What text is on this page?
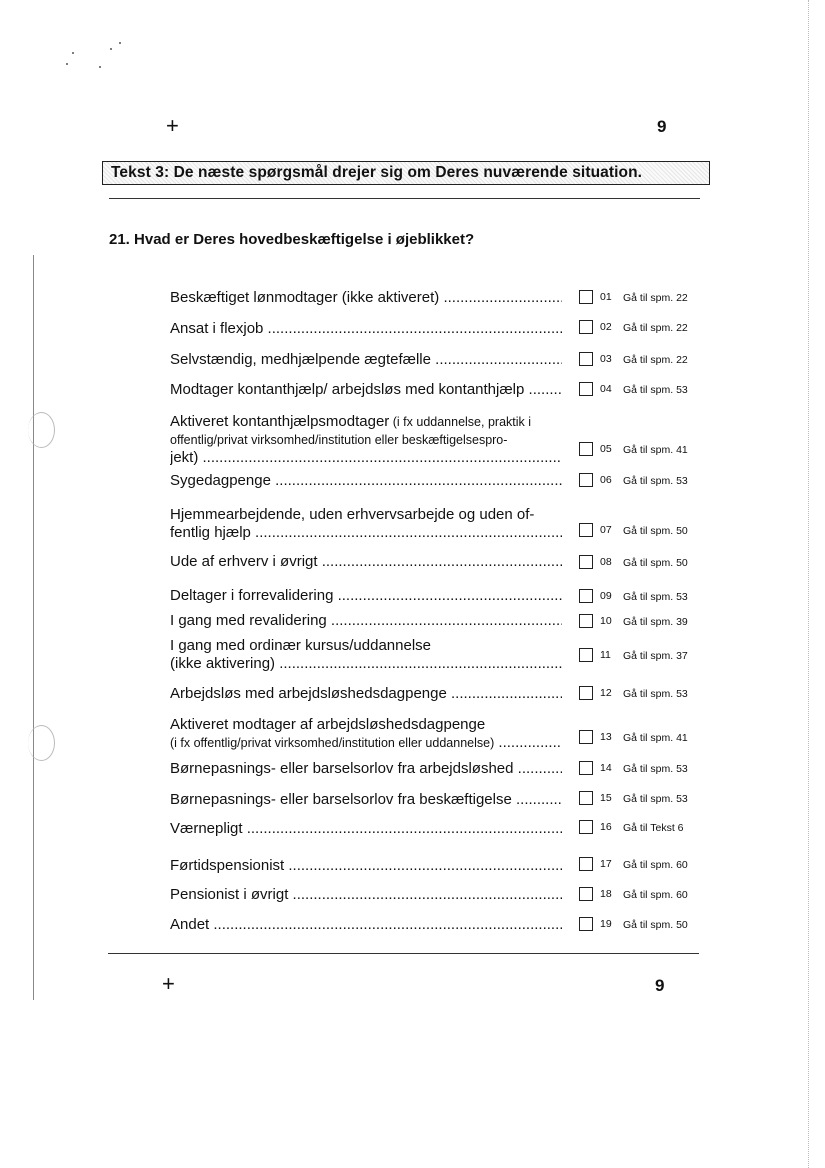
+	9
Tekst 3: De næste spørgsmål drejer sig om Deres nuværende situation.
21. Hvad er Deres hovedbeskæftigelse i øjeblikket?
Beskæftiget lønmodtager (ikke aktiveret) .....	01 Gå til spm. 22
Ansat i flexjob .....	02 Gå til spm. 22
Selvstændig, medhjælpende ægtefælle .....	03 Gå til spm. 22
Modtager kontanthjælp/ arbejdsløs med kontanthjælp .....	04 Gå til spm. 53
Aktiveret kontanthjælpsmodtager (i fx uddannelse, praktik i
offentlig/privat virksomhed/institution eller beskæftigelsespro-
jekt) .....	05 Gå til spm. 41
Sygedagpenge .....	06 Gå til spm. 53
Hjemmearbejdende, uden erhvervsarbejde og uden of-
fentlig hjælp .....	07 Gå til spm. 50
Ude af erhverv i øvrigt .....	08 Gå til spm. 50
Deltager i forrevalidering .....	09 Gå til spm. 53
I gang med revalidering .....	10 Gå til spm. 39
I gang med ordinær kursus/uddannelse
(ikke aktivering) .....	11 Gå til spm. 37
Arbejdsløs med arbejdsløshedsdagpenge .....	12 Gå til spm. 53
Aktiveret modtager af arbejdsløshedsdagpenge
(i fx offentlig/privat virksomhed/institution eller uddannelse) .....	13 Gå til spm. 41
Børnepasnings- eller barselsorlov fra arbejdsløshed .....	14 Gå til spm. 53
Børnepasnings- eller barselsorlov fra beskæftigelse .....	15 Gå til spm. 53
Værnepligt .....	16 Gå til Tekst 6
Førtidspensionist .....	17 Gå til spm. 60
Pensionist i øvrigt .....	18 Gå til spm. 60
Andet .....	19 Gå til spm. 50
+	9
